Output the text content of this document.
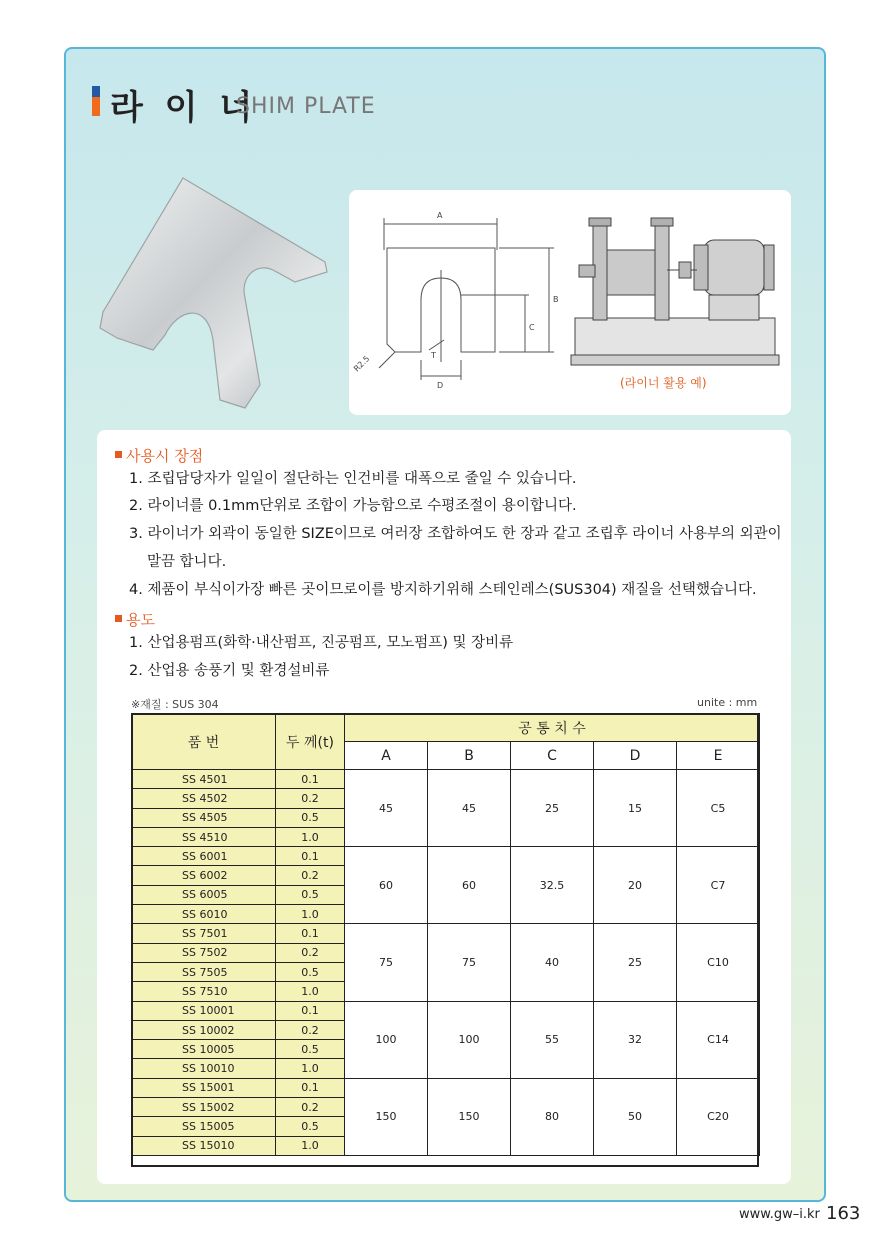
라 이 너
SHIM PLATE
A
B
C
D
R2.5	T
(라이너 활용 예)
사용시 장점
1. 조립담당자가 일일이 절단하는 인건비를 대폭으로 줄일 수 있습니다.
2. 라이너를 0.1mm단위로 조합이 가능함으로 수평조절이 용이합니다.
3. 라이너가 외곽이 동일한 SIZE이므로 여러장 조합하여도 한 장과 같고 조립후 라이너 사용부의 외관이
말끔 합니다.
4. 제품이 부식이가장 빠른 곳이므로이를 방지하기위해 스테인레스(SUS304) 재질을 선택했습니다.
용도
1. 산업용펌프(화학·내산펌프, 진공펌프, 모노펌프) 및 장비류
2. 산업용 송풍기 및 환경설비류
※재질 : SUS 304	unite : mm
품 번	두 께(t)	공 통 치 수				
		A	B	C	D	E
SS 4501	0.1	45	45	25	15	C5
SS 4502	0.2					
SS 4505	0.5					
SS 4510	1.0					
SS 6001	0.1	60	60	32.5	20	C7
SS 6002	0.2					
SS 6005	0.5					
SS 6010	1.0					
SS 7501	0.1	75	75	40	25	C10
SS 7502	0.2					
SS 7505	0.5					
SS 7510	1.0					
SS 10001	0.1	100	100	55	32	C14
SS 10002	0.2					
SS 10005	0.5					
SS 10010	1.0					
SS 15001	0.1	150	150	80	50	C20
SS 15002	0.2					
SS 15005	0.5					
SS 15010	1.0					
www.gw–i.kr 163
